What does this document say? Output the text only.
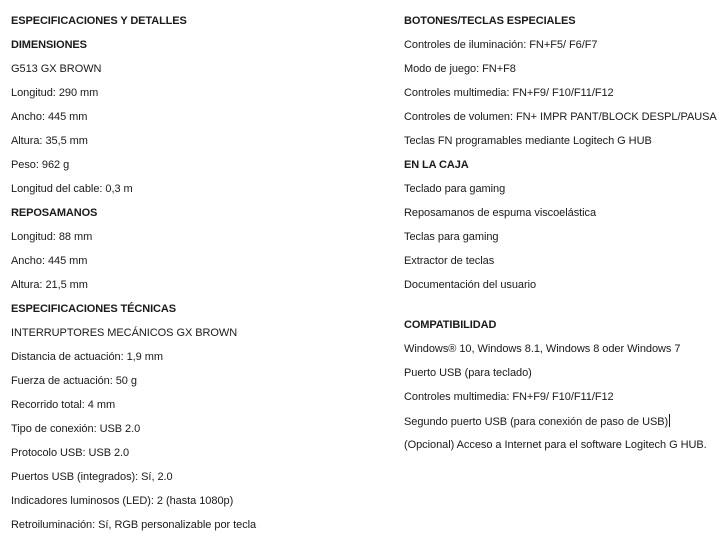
ESPECIFICACIONES Y DETALLES
DIMENSIONES
G513 GX BROWN
Longitud: 290 mm
Ancho: 445 mm
Altura: 35,5 mm
Peso: 962 g
Longitud del cable: 0,3 m
REPOSAMANOS
Longitud: 88 mm
Ancho: 445 mm
Altura: 21,5 mm
ESPECIFICACIONES TÉCNICAS
INTERRUPTORES MECÁNICOS GX BROWN
Distancia de actuación: 1,9 mm
Fuerza de actuación: 50 g
Recorrido total: 4 mm
Tipo de conexión: USB 2.0
Protocolo USB: USB 2.0
Puertos USB (integrados): Sí, 2.0
Indicadores luminosos (LED): 2 (hasta 1080p)
Retroiluminación: Sí, RGB personalizable por tecla
BOTONES/TECLAS ESPECIALES
Controles de iluminación: FN+F5/ F6/F7
Modo de juego: FN+F8
Controles multimedia: FN+F9/ F10/F11/F12
Controles de volumen: FN+ IMPR PANT/BLOCK DESPL/PAUSA
Teclas FN programables mediante Logitech G HUB
EN LA CAJA
Teclado para gaming
Reposamanos de espuma viscoelástica
Teclas para gaming
Extractor de teclas
Documentación del usuario
COMPATIBILIDAD
Windows® 10, Windows 8.1, Windows 8 oder Windows 7
Puerto USB (para teclado)
Controles multimedia: FN+F9/ F10/F11/F12
Segundo puerto USB (para conexión de paso de USB)
(Opcional) Acceso a Internet para el software Logitech G HUB.
